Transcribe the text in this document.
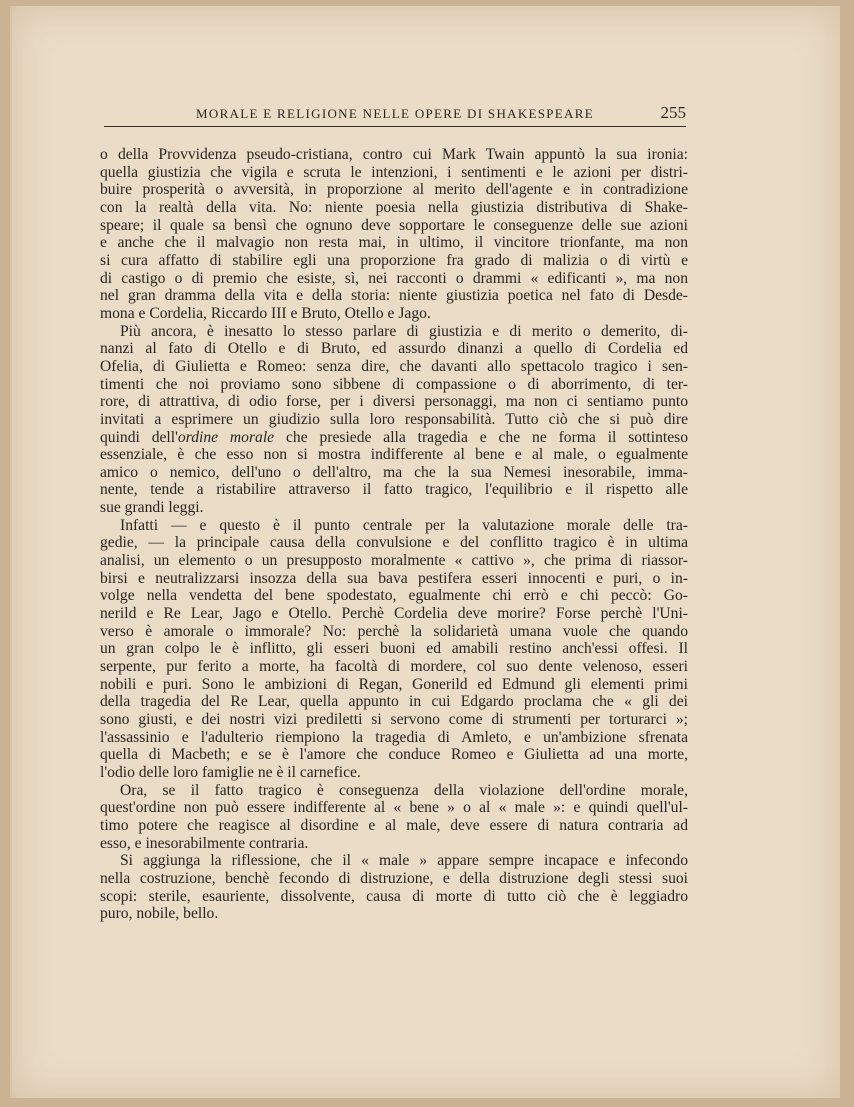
MORALE E RELIGIONE NELLE OPERE DI SHAKESPEARE	255
o della Provvidenza pseudo-cristiana, contro cui Mark Twain appuntò la sua ironia:
quella giustizia che vigila e scruta le intenzioni, i sentimenti e le azioni per distri-
buire prosperità o avversità, in proporzione al merito dell'agente e in contradizione
con la realtà della vita. No: niente poesia nella giustizia distributiva di Shake-
speare; il quale sa bensì che ognuno deve sopportare le conseguenze delle sue azioni
e anche che il malvagio non resta mai, in ultimo, il vincitore trionfante, ma non
si cura affatto di stabilire egli una proporzione fra grado di malizia o di virtù e
di castigo o di premio che esiste, sì, nei racconti o drammi « edificanti », ma non
nel gran dramma della vita e della storia: niente giustizia poetica nel fato di Desde-
mona e Cordelia, Riccardo III e Bruto, Otello e Jago.
Più ancora, è inesatto lo stesso parlare di giustizia e di merito o demerito, di-
nanzi al fato di Otello e di Bruto, ed assurdo dinanzi a quello di Cordelia ed
Ofelia, di Giulietta e Romeo: senza dire, che davanti allo spettacolo tragico i sen-
timenti che noi proviamo sono sibbene di compassione o di aborrimento, di ter-
rore, di attrattiva, di odio forse, per i diversi personaggi, ma non ci sentiamo punto
invitati a esprimere un giudizio sulla loro responsabilità. Tutto ciò che si può dire
quindi dell'ordine morale che presiede alla tragedia e che ne forma il sottinteso
essenziale, è che esso non si mostra indifferente al bene e al male, o egualmente
amico o nemico, dell'uno o dell'altro, ma che la sua Nemesi inesorabile, imma-
nente, tende a ristabilire attraverso il fatto tragico, l'equilibrio e il rispetto alle
sue grandi leggi.
Infatti — e questo è il punto centrale per la valutazione morale delle tra-
gedie, — la principale causa della convulsione e del conflitto tragico è in ultima
analisi, un elemento o un presupposto moralmente « cattivo », che prima di riassor-
birsi e neutralizzarsi insozza della sua bava pestifera esseri innocenti e puri, o in-
volge nella vendetta del bene spodestato, egualmente chi errò e chi peccò: Go-
nerild e Re Lear, Jago e Otello. Perchè Cordelia deve morire? Forse perchè l'Uni-
verso è amorale o immorale? No: perchè la solidarietà umana vuole che quando
un gran colpo le è inflitto, gli esseri buoni ed amabili restino anch'essi offesi. Il
serpente, pur ferito a morte, ha facoltà di mordere, col suo dente velenoso, esseri
nobili e puri. Sono le ambizioni di Regan, Gonerild ed Edmund gli elementi primi
della tragedia del Re Lear, quella appunto in cui Edgardo proclama che « gli dei
sono giusti, e dei nostri vizi prediletti si servono come di strumenti per torturarci »;
l'assassinio e l'adulterio riempiono la tragedia di Amleto, e un'ambizione sfrenata
quella di Macbeth; e se è l'amore che conduce Romeo e Giulietta ad una morte,
l'odio delle loro famiglie ne è il carnefice.
Ora, se il fatto tragico è conseguenza della violazione dell'ordine morale,
quest'ordine non può essere indifferente al « bene » o al « male »: e quindi quell'ul-
timo potere che reagisce al disordine e al male, deve essere di natura contraria ad
esso, e inesorabilmente contraria.
Si aggiunga la riflessione, che il « male » appare sempre incapace e infecondo
nella costruzione, benchè fecondo di distruzione, e della distruzione degli stessi suoi
scopi: sterile, esauriente, dissolvente, causa di morte di tutto ciò che è leggiadro
puro, nobile, bello.
